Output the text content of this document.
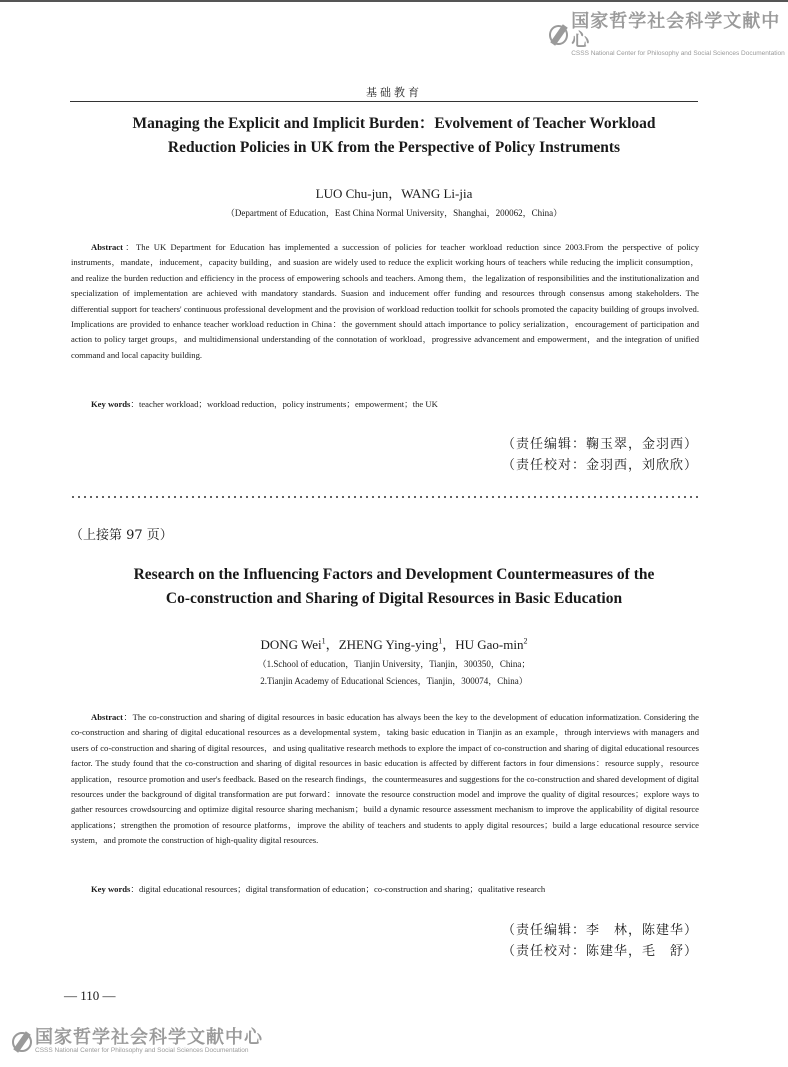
国家哲学社会科学文献中心
CSSS National Center for Philosophy and Social Sciences Documentation
基础教育
Managing the Explicit and Implicit Burden：Evolvement of Teacher Workload
Reduction Policies in UK from the Perspective of Policy Instruments
LUO Chu-jun，WANG Li-jia
（Department of Education，East China Normal University，Shanghai，200062，China）

Abstract：The UK Department for Education has implemented a succession of policies for teacher workload reduction since 2003.From the perspective of policy instruments，mandate，inducement，capacity building，and suasion are widely used to reduce the explicit working hours of teachers while reducing the implicit consumption，and realize the burden reduction and efficiency in the process of empowering schools and teachers. Among them，the legalization of responsibilities and the institutionalization and specialization of implementation are achieved with mandatory standards. Suasion and inducement offer funding and resources through consensus among stakeholders. The differential support for teachers' continuous professional development and the provision of workload reduction toolkit for schools promoted the capacity building of groups involved. Implications are provided to enhance teacher workload reduction in China：the government should attach importance to policy serialization，encouragement of participation and action to policy target groups，and multidimensional understanding of the connotation of workload，progressive advancement and empowerment，and the integration of unified command and local capacity building.

Key words：teacher workload；workload reduction，policy instruments；empowerment；the UK
（责任编辑：鞠玉翠，金羽西）
（责任校对：金羽西，刘欣欣）
（上接第 97 页）
Research on the Influencing Factors and Development Countermeasures of the
Co-construction and Sharing of Digital Resources in Basic Education
DONG Wei$^1$，ZHENG Ying-ying$^1$，HU Gao-$\min^2$
（1.School of education，Tianjin University，Tianjin，300350，China；
2.Tianjin Academy of Educational Sciences，Tianjin，300074，China）

Abstract：The co-construction and sharing of digital resources in basic education has always been the key to the development of education informatization. Considering the co-construction and sharing of digital educational resources as a developmental system，taking basic education in Tianjin as an example，through interviews with managers and users of co-construction and sharing of digital resources，and using qualitative research methods to explore the impact of co-construction and sharing of digital educational resources factor. The study found that the co-construction and sharing of digital resources in basic education is affected by different factors in four dimensions：resource supply，resource application，resource promotion and user's feedback. Based on the research findings，the countermeasures and suggestions for the co-construction and shared development of digital resources under the background of digital transformation are put forward：innovate the resource construction model and improve the quality of digital resources；explore ways to gather resources crowdsourcing and optimize digital resource sharing mechanism；build a dynamic resource assessment mechanism to improve the applicability of digital resource applications；strengthen the promotion of resource platforms，improve the ability of teachers and students to apply digital resources；build a large educational resource service system，and promote the construction of high-quality digital resources.

Key words：digital educational resources；digital transformation of education；co-construction and sharing；qualitative research
（责任编辑：李　林，陈建华）
（责任校对：陈建华，毛　舒）
— 110 —
国家哲学社会科学文献中心
CSSS National Center for Philosophy and Social Sciences Documentation
